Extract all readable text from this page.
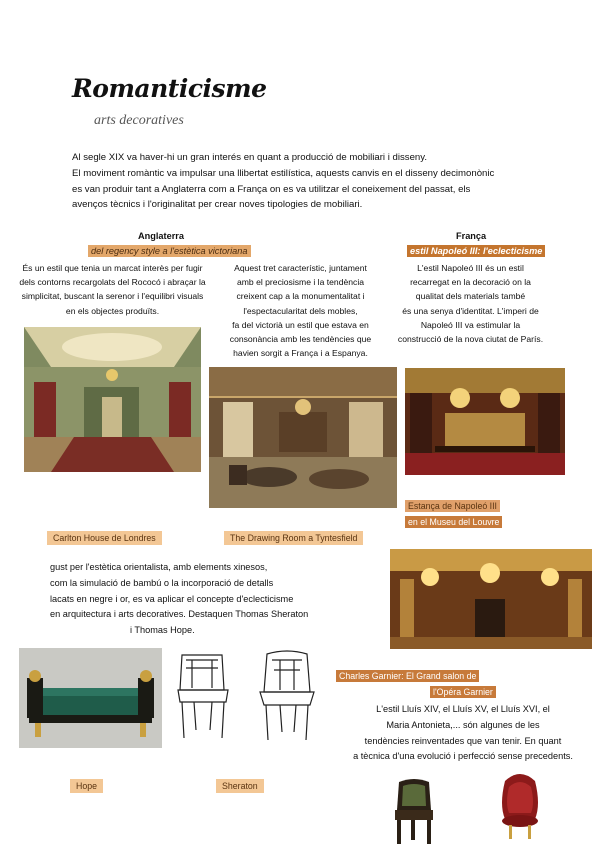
Romanticisme
arts decoratives
Al segle XIX va haver-hi un gran interés en quant a producció de mobiliari i disseny.
El moviment romàntic va impulsar una llibertat estilística, aquests canvis en el disseny decimonònic
es van produir tant a Anglaterra com a França on es va utilitzar el coneixement del passat, els
avenços tècnics i l'originalitat per crear noves tipologies de mobiliari.
Anglaterra
del regency style a l'estètica victoriana
França
estil Napoleó III: l'eclecticisme
És un estil que tenia un marcat interès per fugir
dels contorns recargolats del Rococó i abraçar la
simplicitat, buscant la serenor i l'equilibri visuals
en els objectes produïts.
Aquest tret característic, juntament
amb el preciosisme i la tendència
creixent cap a la monumentalitat i
l'espectacularitat dels mobles,
fa del victorià un estil que estava en
consonància amb les tendències que
havien sorgit a França i a Espanya.
L'estil Napoleó III és un estil
recarregat en la decoració on la
qualitat dels materials també
és una senya d'identitat. L'imperi de
Napoleó III va estimular la
construcció de la nova ciutat de París.
Carlton House de Londres	The Drawing Room a Tyntesfield
Estança de Napoleó III
en el Museu del Louvre
gust per l'estètica orientalista, amb elements xinesos,
com la simulació de bambú o la incorporació de detalls
lacats en negre i or, es va aplicar el concepte d'eclecticisme
en arquitectura i arts decoratives. Destaquen Thomas Sheraton
i Thomas Hope.
Charles Garnier: El Grand salon de
l'Opéra Garnier
L'estil Lluís XIV, el Lluís XV, el Lluís XVI, el
Maria Antonieta,... són algunes de les
tendències reinventades que van tenir. En quant
a tècnica d'una evolució i perfecció sense precedents.
Hope	Sheraton
